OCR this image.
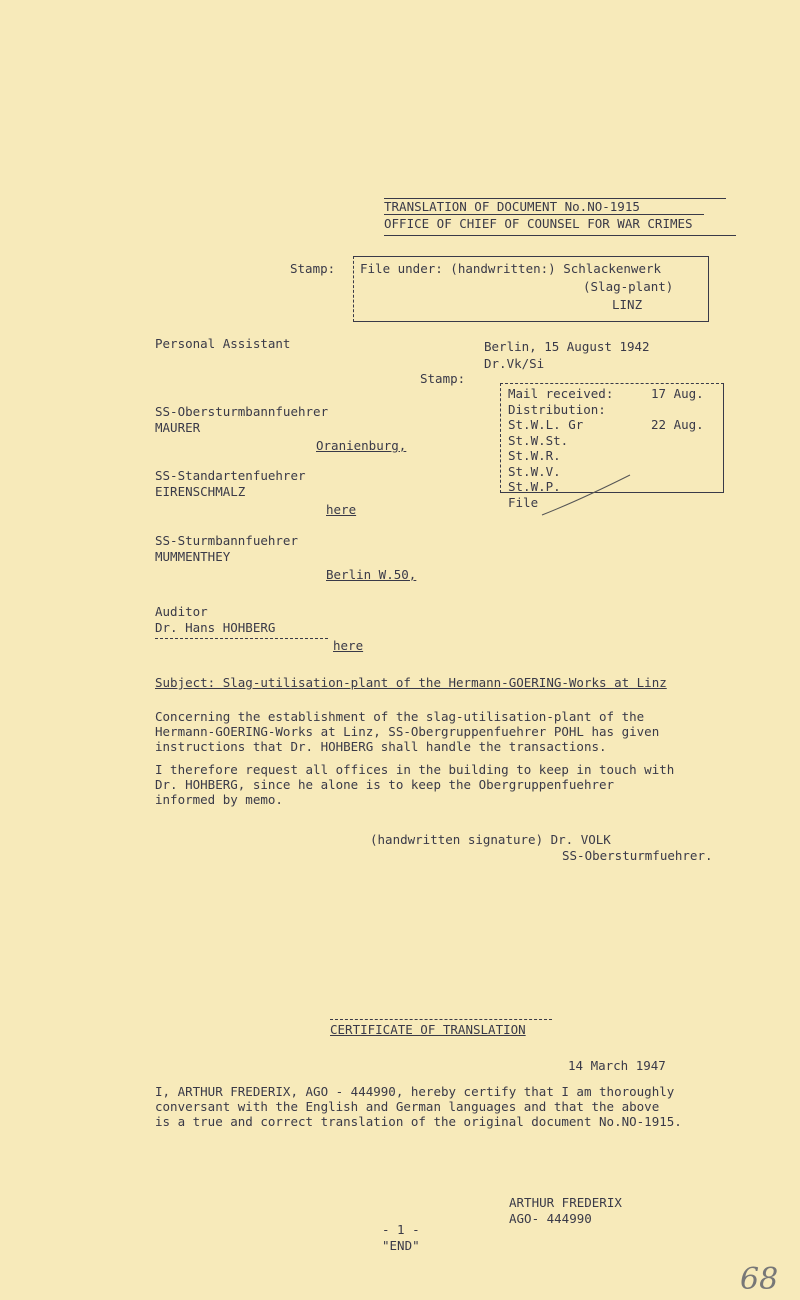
TRANSLATION OF DOCUMENT No.NO-1915
OFFICE OF CHIEF OF COUNSEL FOR WAR CRIMES
Stamp: File under: (handwritten:) Schlackenwerk
(Slag-plant)
LINZ
Personal Assistant	Berlin, 15 August 1942
Dr.Vk/Si
Stamp:
Mail received:	17 Aug.
Distribution:
St.W.L. Gr	22 Aug.
St.W.St.
St.W.R.
St.W.V.
St.W.P.
File
SS-Obersturmbannfuehrer
MAURER
Oranienburg,
SS-Standartenfuehrer
EIRENSCHMALZ
here
SS-Sturmbannfuehrer
MUMMENTHEY
Berlin W.50,
Auditor
Dr. Hans HOHBERG
here
Subject: Slag-utilisation-plant of the Hermann-GOERING-Works at Linz
Concerning the establishment of the slag-utilisation-plant of the
Hermann-GOERING-Works at Linz, SS-Obergruppenfuehrer POHL has given
instructions that Dr. HOHBERG shall handle the transactions.
I therefore request all offices in the building to keep in touch with
Dr. HOHBERG, since he alone is to keep the Obergruppenfuehrer
informed by memo.
(handwritten signature) Dr. VOLK
SS-Obersturmfuehrer.
CERTIFICATE OF TRANSLATION
14 March 1947
I, ARTHUR FREDERIX, AGO - 444990, hereby certify that I am thoroughly
conversant with the English and German languages and that the above
is a true and correct translation of the original document No.NO-1915.
ARTHUR FREDERIX
AGO- 444990
- 1 -
"END"
68
